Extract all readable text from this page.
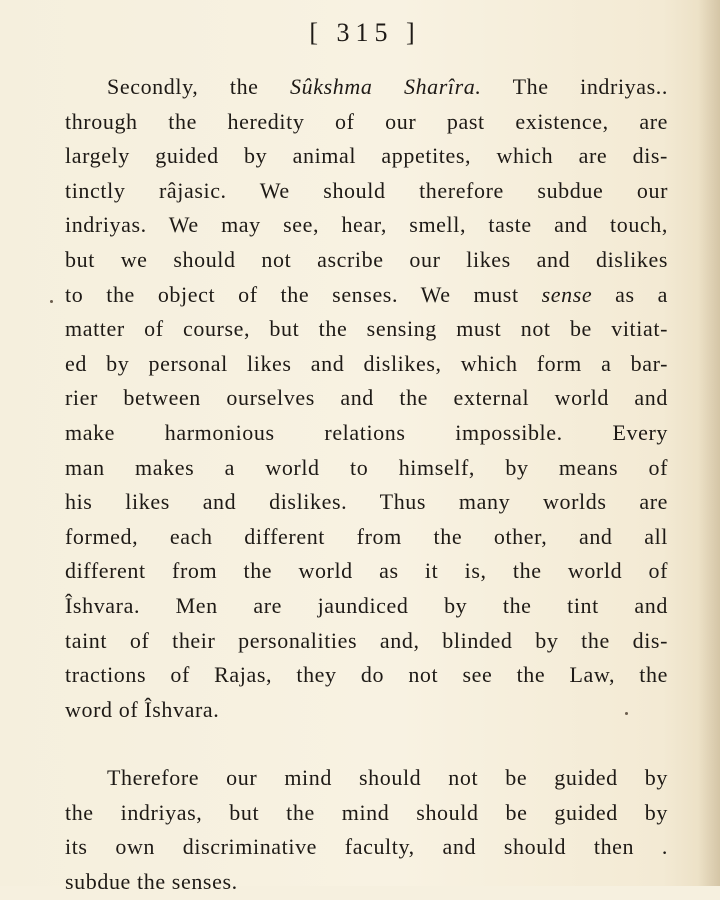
[ 315 ]
Secondly, the Sûkshma Sharîra. The indriyas..
through the heredity of our past existence, are
largely guided by animal appetites, which are dis-
tinctly râjasic. We should therefore subdue our
indriyas. We may see, hear, smell, taste and touch,
but we should not ascribe our likes and dislikes
to the object of the senses. We must sense as a
matter of course, but the sensing must not be vitiat-
ed by personal likes and dislikes, which form a bar-
rier between ourselves and the external world and
make harmonious relations impossible. Every
man makes a world to himself, by means of
his likes and dislikes. Thus many worlds are
formed, each different from the other, and all
different from the world as it is, the world of
Îshvara. Men are jaundiced by the tint and
taint of their personalities and, blinded by the dis-
tractions of Rajas, they do not see the Law, the
word of Îshvara.
Therefore our mind should not be guided by
the indriyas, but the mind should be guided by
its own discriminative faculty, and should then .
subdue the senses.
